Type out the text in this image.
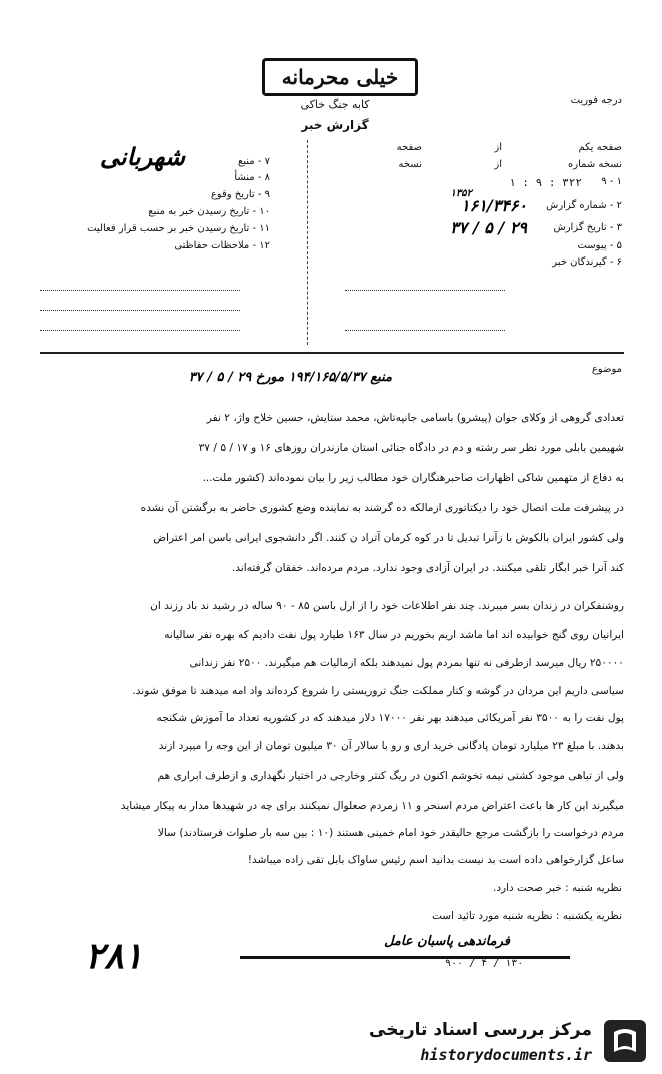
خیلی محرمانه
کابه جنگ خاکی
گزارش خبر
درجه فوریت
صفحه یکم
از
صفحه
نسخه شماره
از
نسخه
۱ - ۹
۳۲۲ : ۹ : ۱
۱۳۵۲
۲ - شماره گزارش
۱۶۱/۳۴۶۰
۳ - تاریخ گزارش
۲۹ / ۵ / ۳۷
۵ - پیوست
۶ - گیرندگان خبر
۷ - منبع
شهربانی
۸ - منشأ
۹ - تاریخ وقوع
۱۰ - تاریخ رسیدن خبر به منبع
۱۱ - تاریخ رسیدن خبر بر حسب قرار فعالیت
۱۲ - ملاحظات حفاظتی
موضوع
منبع ۱۹۴/۱۶۵/۵/۳۷ مورخ ۲۹ / ۵ / ۳۷
تعدادی گروهی از وکلای جوان (پیشرو) باسامی جانپه‌تاش، محمد ستایش، حسین خلاح واژ، ۲ نفر
شهیمین بابلی مورد نظر سر رشته و دم در دادگاه جنائی استان مازندران روزهای ۱۶ و ۱۷ / ۵ / ۳۷
به دفاع از متهمین شاکی اظهارات صاحبرهنگاران خود مطالب زیر را بیان نموده‌اند (کشور ملت...
در پیشرفت ملت اتصال خود را دیکتاتوری ازمالکه ده گرشند به نماینده وضع کشوری حاضر به برگشتن آن نشده
ولی کشور ایران بالکوش با زآنرا تبدیل تا در کوه کرمان آتراد ن کنند. اگر دانشجوی ایرانی باسن امر اعتراض
کند آنرا خبر ابگار تلقی میکنند. در ایران آزادی وجود ندارد. مردم مرده‌اند. خفقان گرفته‌اند.
روشنفکران در زندان بسر میبرند. چند نفر اطلاعات خود را از ارل باسن ۸۵ - ۹۰ ساله در رشید ند باد رزند ان
ایرانیان روی گنج خوابیده اند اما ماشد اریم بخوریم در سال ۱۶۳ طیارد پول نفت دادیم که بهره نفر سالیانه
۲۵۰۰۰۰ ریال میرسد ازطرفی نه تنها بمردم پول نمیدهند بلکه ازمالیات هم میگیرند. ۲۵۰۰ نفر زندانی
سیاسی داریم این مردان در گوشه و کنار مملکت جنگ تروریستی را شروع کرده‌اند واد امه میدهند تا موفق شوند.
پول نفت را به ۳۵۰۰ نفر آمریکائی میدهند بهر نفر ۱۷۰۰۰ دلار میدهند که در کشوریه تعداد ما آموزش شکنجه
بدهند. با مبلغ ۲۳ میلیارد تومان پادگانی خرید اری و رو با سالار آن ۳۰ میلیون تومان از این وجه را میپرد ازند
ولی از تباهی موجود کشتی نیمه تخوشم اکنون در ریگ کنتر وخارجی در اختیار نگهداری و ازطرف ابراری هم
میگیرند این کار ها باعث اعتراض مردم اسنحر و ۱۱ زمردم صعلوال نمیکنند برای چه در شهیدها مدار به پیکار میشاید
مردم درخواست را بازگشت مرجع حالیقدر خود امام خمینی هستند (۱۰ : بین سه بار صلوات فرستادند) سالا
ساعل گزارخواهی داده است بد نیست بدانید اسم رئیس ساواک بابل تقی زاده میباشد!
نظریه شنبه : خبر صحت دارد.
نظریه یکشنبه : نظریه شنبه مورد تائید است
فرماندهی پاسبان عامل
۹۰۰ / ۴ / ۱۳۰
۲۸۱
مرکز بررسی اسناد تاریخی
historydocuments.ir
